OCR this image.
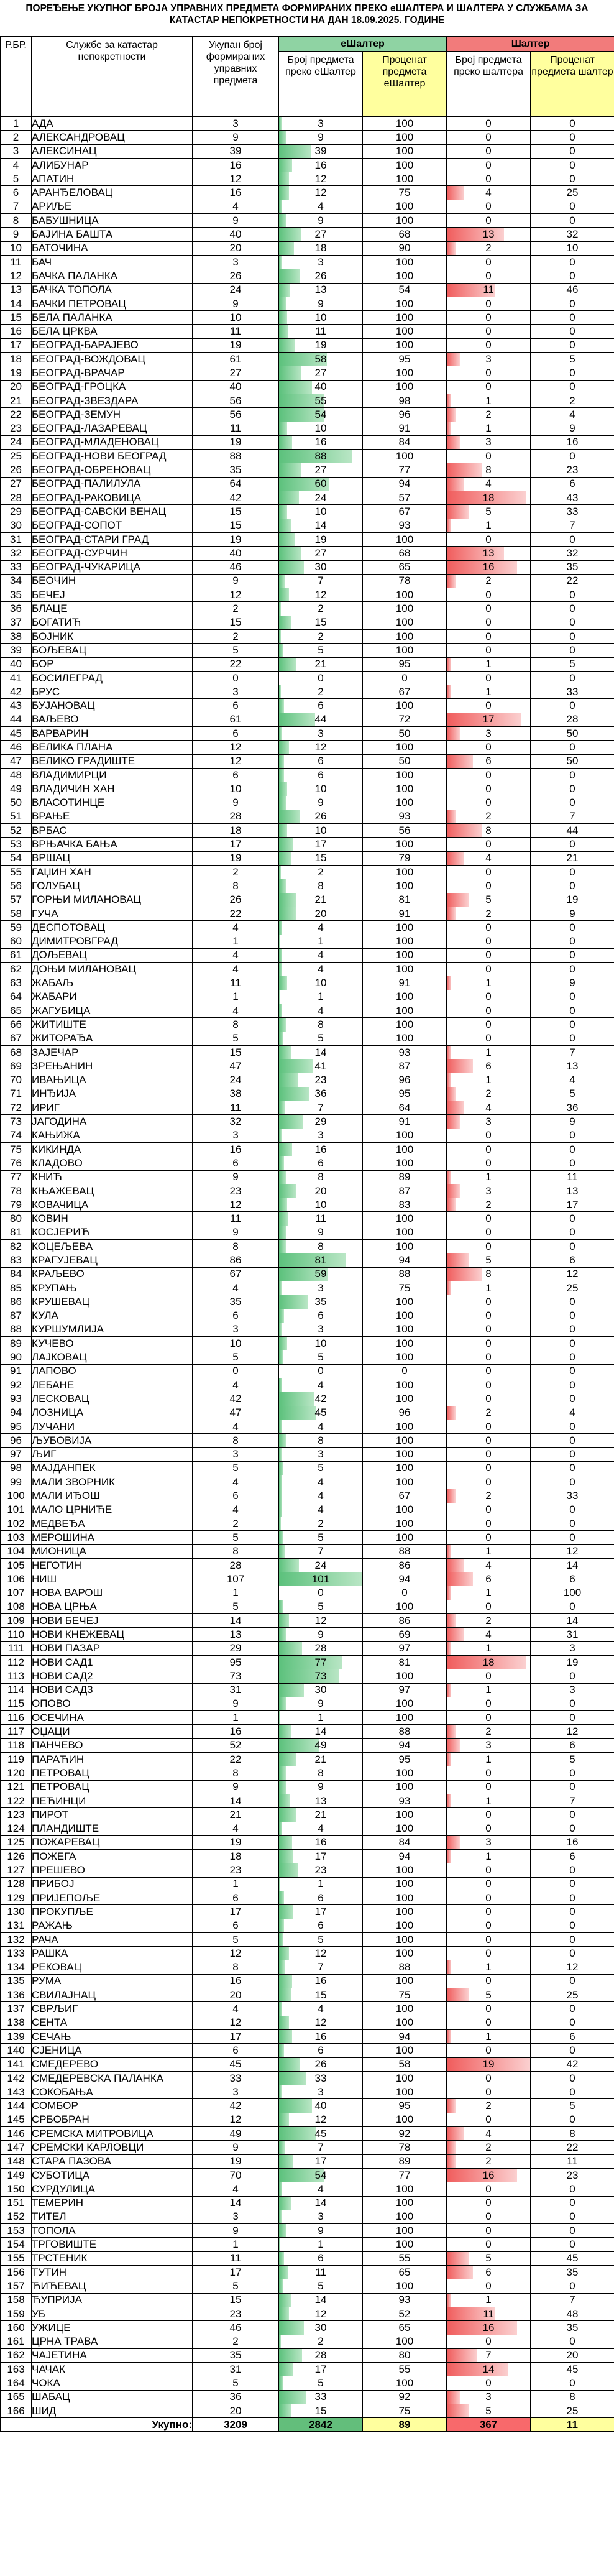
ПОРЕЂЕЊЕ УКУПНОГ БРОЈА УПРАВНИХ ПРЕДМЕТА ФОРМИРАНИХ ПРЕКО еШАЛТЕРА И ШАЛТЕРА У СЛУЖБАМА ЗА КАТАСТАР НЕПОКРЕТНОСТИ НА ДАН 18.09.2025. ГОДИНЕ
Р.БР.	Службе за катастар непокретности	Укупан број формираних управних предмета	еШалтер		Шалтер	
			Број предмета преко еШалтер	Проценат предмета еШалтер	Број предмета преко шалтера	Проценат предмета шалтер
1	АДА	3	3	100	0	0
2	АЛЕКСАНДРОВАЦ	9	9	100	0	0
3	АЛЕКСИНАЦ	39	39	100	0	0
4	АЛИБУНАР	16	16	100	0	0
5	АПАТИН	12	12	100	0	0
6	АРАНЂЕЛОВАЦ	16	12	75	4	25
7	АРИЉЕ	4	4	100	0	0
8	БАБУШНИЦА	9	9	100	0	0
9	БАЈИНА БАШТА	40	27	68	13	32
10	БАТОЧИНА	20	18	90	2	10
11	БАЧ	3	3	100	0	0
12	БАЧКА ПАЛАНКА	26	26	100	0	0
13	БАЧКА ТОПОЛА	24	13	54	11	46
14	БАЧКИ ПЕТРОВАЦ	9	9	100	0	0
15	БЕЛА ПАЛАНКА	10	10	100	0	0
16	БЕЛА ЦРКВА	11	11	100	0	0
17	БЕОГРАД-БАРАЈЕВО	19	19	100	0	0
18	БЕОГРАД-ВОЖДОВАЦ	61	58	95	3	5
19	БЕОГРАД-ВРАЧАР	27	27	100	0	0
20	БЕОГРАД-ГРОЦКА	40	40	100	0	0
21	БЕОГРАД-ЗВЕЗДАРА	56	55	98	1	2
22	БЕОГРАД-ЗЕМУН	56	54	96	2	4
23	БЕОГРАД-ЛАЗАРЕВАЦ	11	10	91	1	9
24	БЕОГРАД-МЛАДЕНОВАЦ	19	16	84	3	16
25	БЕОГРАД-НОВИ БЕОГРАД	88	88	100	0	0
26	БЕОГРАД-ОБРЕНОВАЦ	35	27	77	8	23
27	БЕОГРАД-ПАЛИЛУЛА	64	60	94	4	6
28	БЕОГРАД-РАКОВИЦА	42	24	57	18	43
29	БЕОГРАД-САВСКИ ВЕНАЦ	15	10	67	5	33
30	БЕОГРАД-СОПОТ	15	14	93	1	7
31	БЕОГРАД-СТАРИ ГРАД	19	19	100	0	0
32	БЕОГРАД-СУРЧИН	40	27	68	13	32
33	БЕОГРАД-ЧУКАРИЦА	46	30	65	16	35
34	БЕОЧИН	9	7	78	2	22
35	БЕЧЕЈ	12	12	100	0	0
36	БЛАЦЕ	2	2	100	0	0
37	БОГАТИЋ	15	15	100	0	0
38	БОЈНИК	2	2	100	0	0
39	БОЉЕВАЦ	5	5	100	0	0
40	БОР	22	21	95	1	5
41	БОСИЛЕГРАД	0	0	0	0	0
42	БРУС	3	2	67	1	33
43	БУЈАНОВАЦ	6	6	100	0	0
44	ВАЉЕВО	61	44	72	17	28
45	ВАРВАРИН	6	3	50	3	50
46	ВЕЛИКА ПЛАНА	12	12	100	0	0
47	ВЕЛИКО ГРАДИШТЕ	12	6	50	6	50
48	ВЛАДИМИРЦИ	6	6	100	0	0
49	ВЛАДИЧИН ХАН	10	10	100	0	0
50	ВЛАСОТИНЦЕ	9	9	100	0	0
51	ВРАЊЕ	28	26	93	2	7
52	ВРБАС	18	10	56	8	44
53	ВРЊАЧКА БАЊА	17	17	100	0	0
54	ВРШАЦ	19	15	79	4	21
55	ГАЏИН ХАН	2	2	100	0	0
56	ГОЛУБАЦ	8	8	100	0	0
57	ГОРЊИ МИЛАНОВАЦ	26	21	81	5	19
58	ГУЧА	22	20	91	2	9
59	ДЕСПОТОВАЦ	4	4	100	0	0
60	ДИМИТРОВГРАД	1	1	100	0	0
61	ДОЉЕВАЦ	4	4	100	0	0
62	ДОЊИ МИЛАНОВАЦ	4	4	100	0	0
63	ЖАБАЉ	11	10	91	1	9
64	ЖАБАРИ	1	1	100	0	0
65	ЖАГУБИЦА	4	4	100	0	0
66	ЖИТИШТЕ	8	8	100	0	0
67	ЖИТОРАЂА	5	5	100	0	0
68	ЗАЈЕЧАР	15	14	93	1	7
69	ЗРЕЊАНИН	47	41	87	6	13
70	ИВАЊИЦА	24	23	96	1	4
71	ИНЂИЈА	38	36	95	2	5
72	ИРИГ	11	7	64	4	36
73	ЈАГОДИНА	32	29	91	3	9
74	КАЊИЖА	3	3	100	0	0
75	КИКИНДА	16	16	100	0	0
76	КЛАДОВО	6	6	100	0	0
77	КНИЋ	9	8	89	1	11
78	КЊАЖЕВАЦ	23	20	87	3	13
79	КОВАЧИЦА	12	10	83	2	17
80	КОВИН	11	11	100	0	0
81	КОСЈЕРИЋ	9	9	100	0	0
82	КОЦЕЉЕВА	8	8	100	0	0
83	КРАГУЈЕВАЦ	86	81	94	5	6
84	КРАЉЕВО	67	59	88	8	12
85	КРУПАЊ	4	3	75	1	25
86	КРУШЕВАЦ	35	35	100	0	0
87	КУЛА	6	6	100	0	0
88	КУРШУМЛИЈА	3	3	100	0	0
89	КУЧЕВО	10	10	100	0	0
90	ЛАЈКОВАЦ	5	5	100	0	0
91	ЛАПОВО	0	0	0	0	0
92	ЛЕБАНЕ	4	4	100	0	0
93	ЛЕСКОВАЦ	42	42	100	0	0
94	ЛОЗНИЦА	47	45	96	2	4
95	ЛУЧАНИ	4	4	100	0	0
96	ЉУБОВИЈА	8	8	100	0	0
97	ЉИГ	3	3	100	0	0
98	МАЈДАНПЕК	5	5	100	0	0
99	МАЛИ ЗВОРНИК	4	4	100	0	0
100	МАЛИ ИЂОШ	6	4	67	2	33
101	МАЛО ЦРНИЋЕ	4	4	100	0	0
102	МЕДВЕЂА	2	2	100	0	0
103	МЕРОШИНА	5	5	100	0	0
104	МИОНИЦА	8	7	88	1	12
105	НЕГОТИН	28	24	86	4	14
106	НИШ	107	101	94	6	6
107	НОВА ВАРОШ	1	0	0	1	100
108	НОВА ЦРЊА	5	5	100	0	0
109	НОВИ БЕЧЕЈ	14	12	86	2	14
110	НОВИ КНЕЖЕВАЦ	13	9	69	4	31
111	НОВИ ПАЗАР	29	28	97	1	3
112	НОВИ САД1	95	77	81	18	19
113	НОВИ САД2	73	73	100	0	0
114	НОВИ САД3	31	30	97	1	3
115	ОПОВО	9	9	100	0	0
116	ОСЕЧИНА	1	1	100	0	0
117	ОЏАЦИ	16	14	88	2	12
118	ПАНЧЕВО	52	49	94	3	6
119	ПАРАЋИН	22	21	95	1	5
120	ПЕТРОВАЦ	8	8	100	0	0
121	ПЕТРОВАЦ	9	9	100	0	0
122	ПЕЋИНЦИ	14	13	93	1	7
123	ПИРОТ	21	21	100	0	0
124	ПЛАНДИШТЕ	4	4	100	0	0
125	ПОЖАРЕВАЦ	19	16	84	3	16
126	ПОЖЕГА	18	17	94	1	6
127	ПРЕШЕВО	23	23	100	0	0
128	ПРИБОЈ	1	1	100	0	0
129	ПРИЈЕПОЉЕ	6	6	100	0	0
130	ПРОКУПЉЕ	17	17	100	0	0
131	РАЖАЊ	6	6	100	0	0
132	РАЧА	5	5	100	0	0
133	РАШКА	12	12	100	0	0
134	РЕКОВАЦ	8	7	88	1	12
135	РУМА	16	16	100	0	0
136	СВИЛАЈНАЦ	20	15	75	5	25
137	СВРЉИГ	4	4	100	0	0
138	СЕНТА	12	12	100	0	0
139	СЕЧАЊ	17	16	94	1	6
140	СЈЕНИЦА	6	6	100	0	0
141	СМЕДЕРЕВО	45	26	58	19	42
142	СМЕДЕРЕВСКА ПАЛАНКА	33	33	100	0	0
143	СОКОБАЊА	3	3	100	0	0
144	СОМБОР	42	40	95	2	5
145	СРБОБРАН	12	12	100	0	0
146	СРЕМСКА МИТРОВИЦА	49	45	92	4	8
147	СРЕМСКИ КАРЛОВЦИ	9	7	78	2	22
148	СТАРА ПАЗОВА	19	17	89	2	11
149	СУБОТИЦА	70	54	77	16	23
150	СУРДУЛИЦА	4	4	100	0	0
151	ТЕМЕРИН	14	14	100	0	0
152	ТИТЕЛ	3	3	100	0	0
153	ТОПОЛА	9	9	100	0	0
154	ТРГОВИШТЕ	1	1	100	0	0
155	ТРСТЕНИК	11	6	55	5	45
156	ТУТИН	17	11	65	6	35
157	ЋИЋЕВАЦ	5	5	100	0	0
158	ЋУПРИЈА	15	14	93	1	7
159	УБ	23	12	52	11	48
160	УЖИЦЕ	46	30	65	16	35
161	ЦРНА ТРАВА	2	2	100	0	0
162	ЧАЈЕТИНА	35	28	80	7	20
163	ЧАЧАК	31	17	55	14	45
164	ЧОКА	5	5	100	0	0
165	ШАБАЦ	36	33	92	3	8
166	ШИД	20	15	75	5	25
Укупно:		3209	2842	89	367	11
